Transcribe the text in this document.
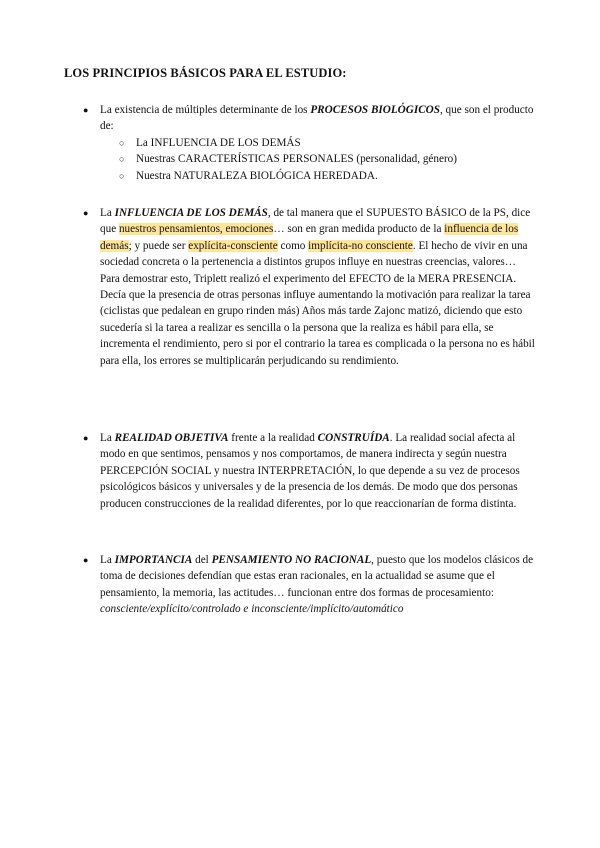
LOS PRINCIPIOS BÁSICOS PARA EL ESTUDIO:
● La existencia de múltiples determinante de los PROCESOS BIOLÓGICOS, que son el producto de:
○ La INFLUENCIA DE LOS DEMÁS
○ Nuestras CARACTERÍSTICAS PERSONALES (personalidad, género)
○ Nuestra NATURALEZA BIOLÓGICA HEREDADA.
● La INFLUENCIA DE LOS DEMÁS, de tal manera que el SUPUESTO BÁSICO de la PS, dice que nuestros pensamientos, emociones… son en gran medida producto de la influencia de los demás; y puede ser explícita-consciente como implícita-no consciente. El hecho de vivir en una sociedad concreta o la pertenencia a distintos grupos influye en nuestras creencias, valores…
Para demostrar esto, Triplett realizó el experimento del EFECTO de la MERA PRESENCIA. Decía que la presencia de otras personas influye aumentando la motivación para realizar la tarea (ciclistas que pedalean en grupo rinden más) Años más tarde Zajonc matizó, diciendo que esto sucedería si la tarea a realizar es sencilla o la persona que la realiza es hábil para ella, se incrementa el rendimiento, pero si por el contrario la tarea es complicada o la persona no es hábil para ella, los errores se multiplicarán perjudicando su rendimiento.
● La REALIDAD OBJETIVA frente a la realidad CONSTRUÍDA. La realidad social afecta al modo en que sentimos, pensamos y nos comportamos, de manera indirecta y según nuestra PERCEPCIÓN SOCIAL y nuestra INTERPRETACIÓN, lo que depende a su vez de procesos psicológicos básicos y universales y de la presencia de los demás. De modo que dos personas producen construcciones de la realidad diferentes, por lo que reaccionarían de forma distinta.
● La IMPORTANCIA del PENSAMIENTO NO RACIONAL, puesto que los modelos clásicos de toma de decisiones defendían que estas eran racionales, en la actualidad se asume que el pensamiento, la memoria, las actitudes… funcionan entre dos formas de procesamiento: consciente/explícito/controlado e inconsciente/implícito/automático
